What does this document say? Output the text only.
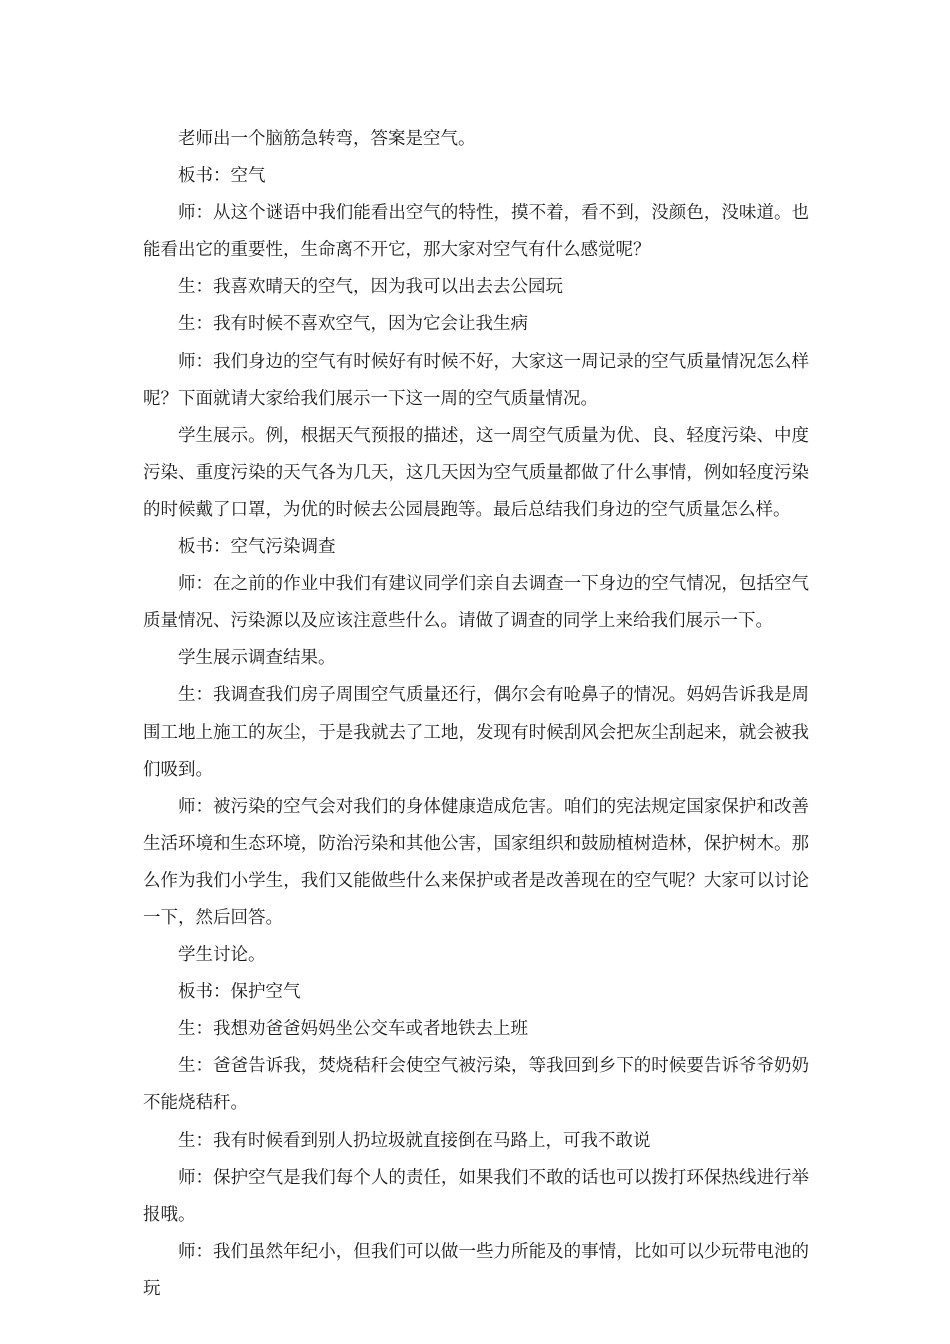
老师出一个脑筋急转弯，答案是空气。

板书：空气

师：从这个谜语中我们能看出空气的特性，摸不着，看不到，没颜色，没味道。也能看出它的重要性，生命离不开它，那大家对空气有什么感觉呢？

生：我喜欢晴天的空气，因为我可以出去去公园玩

生：我有时候不喜欢空气，因为它会让我生病

师：我们身边的空气有时候好有时候不好，大家这一周记录的空气质量情况怎么样呢？下面就请大家给我们展示一下这一周的空气质量情况。

学生展示。例，根据天气预报的描述，这一周空气质量为优、良、轻度污染、中度污染、重度污染的天气各为几天，这几天因为空气质量都做了什么事情，例如轻度污染的时候戴了口罩，为优的时候去公园晨跑等。最后总结我们身边的空气质量怎么样。

板书：空气污染调查

师：在之前的作业中我们有建议同学们亲自去调查一下身边的空气情况，包括空气质量情况、污染源以及应该注意些什么。请做了调查的同学上来给我们展示一下。

学生展示调查结果。

生：我调查我们房子周围空气质量还行，偶尔会有呛鼻子的情况。妈妈告诉我是周围工地上施工的灰尘，于是我就去了工地，发现有时候刮风会把灰尘刮起来，就会被我们吸到。

师：被污染的空气会对我们的身体健康造成危害。咱们的宪法规定国家保护和改善生活环境和生态环境，防治污染和其他公害，国家组织和鼓励植树造林，保护树木。那么作为我们小学生，我们又能做些什么来保护或者是改善现在的空气呢？大家可以讨论一下，然后回答。

学生讨论。

板书：保护空气

生：我想劝爸爸妈妈坐公交车或者地铁去上班

生：爸爸告诉我，焚烧秸秆会使空气被污染，等我回到乡下的时候要告诉爷爷奶奶不能烧秸秆。

生：我有时候看到别人扔垃圾就直接倒在马路上，可我不敢说

师：保护空气是我们每个人的责任，如果我们不敢的话也可以拨打环保热线进行举报哦。

师：我们虽然年纪小，但我们可以做一些力所能及的事情，比如可以少玩带电池的玩
